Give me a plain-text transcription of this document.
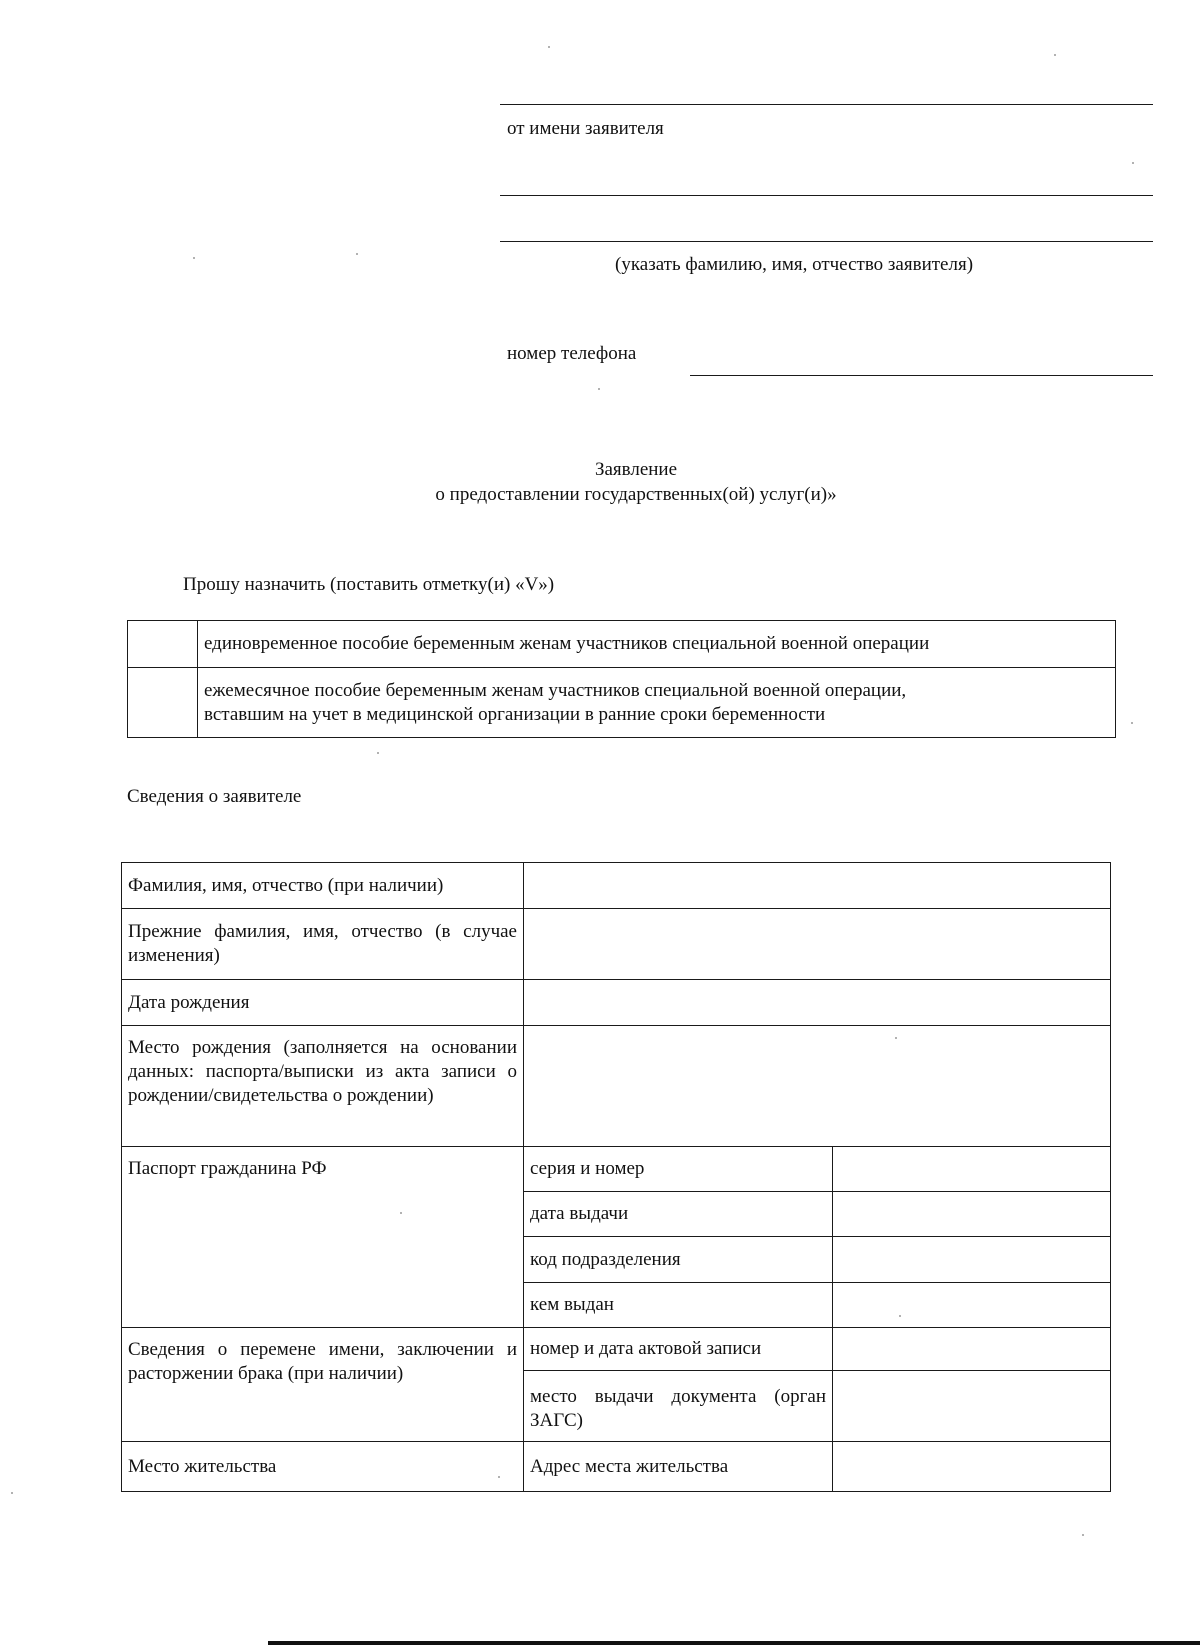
от имени заявителя
(указать фамилию, имя, отчество заявителя)
номер телефона
Заявление
о предоставлении государственных(ой) услуг(и)»
Прошу назначить (поставить отметку(и) «V»)
	единовременное пособие беременным женам участников специальной военной операции

	ежемесячное пособие беременным женам участников специальной военной операции,
вставшим на учет в медицинской организации в ранние сроки беременности
Сведения о заявителе
Фамилия, имя, отчество (при наличии)		
Прежние фамилия, имя, отчество (в случае изменения)		
Дата рождения		
Место рождения (заполняется на основании данных: паспорта/выписки из акта записи о рождении/свидетельства о рождении)		
Паспорт гражданина РФ	серия и номер	
	дата выдачи	
	код подразделения	
	кем выдан	
Сведения о перемене имени, заключении и расторжении брака (при наличии)	номер и дата актовой записи	
	место выдачи документа (орган ЗАГС)	
Место жительства	Адрес места жительства	
